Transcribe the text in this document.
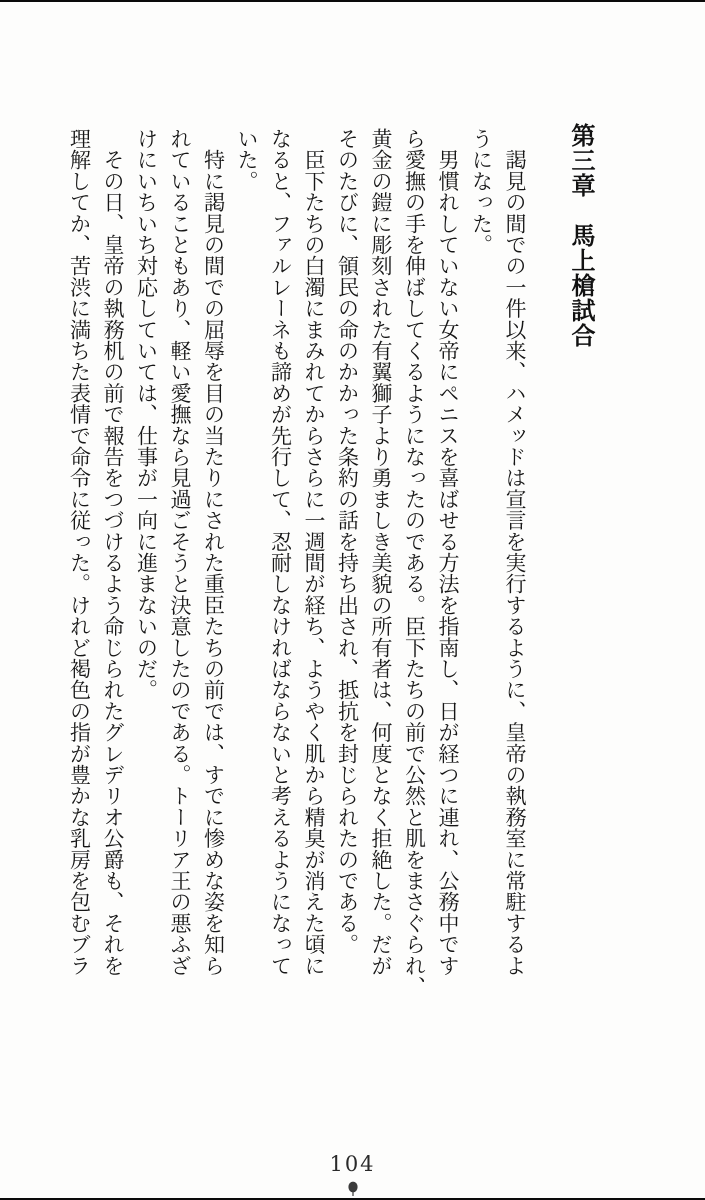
第三章　馬上槍試合
　謁見の間での一件以来、ハメッドは宣言を実行するように、皇帝の執務室に常駐するよ
うになった。
　男慣れしていない女帝にペニスを喜ばせる方法を指南し、日が経つに連れ、公務中です
ら愛撫の手を伸ばしてくるようになったのである。臣下たちの前で公然と肌をまさぐられ、
黄金の鎧に彫刻された有翼獅子より勇ましき美貌の所有者は、何度となく拒絶した。だが
そのたびに、領民の命のかかった条約の話を持ち出され、抵抗を封じられたのである。
　臣下たちの白濁にまみれてからさらに一週間が経ち、ようやく肌から精臭が消えた頃に
なると、ファルレーネも諦めが先行して、忍耐しなければならないと考えるようになって
いた。
　特に謁見の間での屈辱を目の当たりにされた重臣たちの前では、すでに惨めな姿を知ら
れていることもあり、軽い愛撫なら見過ごそうと決意したのである。トーリア王の悪ふざ
けにいちいち対応していては、仕事が一向に進まないのだ。
　その日、皇帝の執務机の前で報告をつづけるよう命じられたグレデリオ公爵も、それを
理解してか、苦渋に満ちた表情で命令に従った。けれど褐色の指が豊かな乳房を包むブラ
104
